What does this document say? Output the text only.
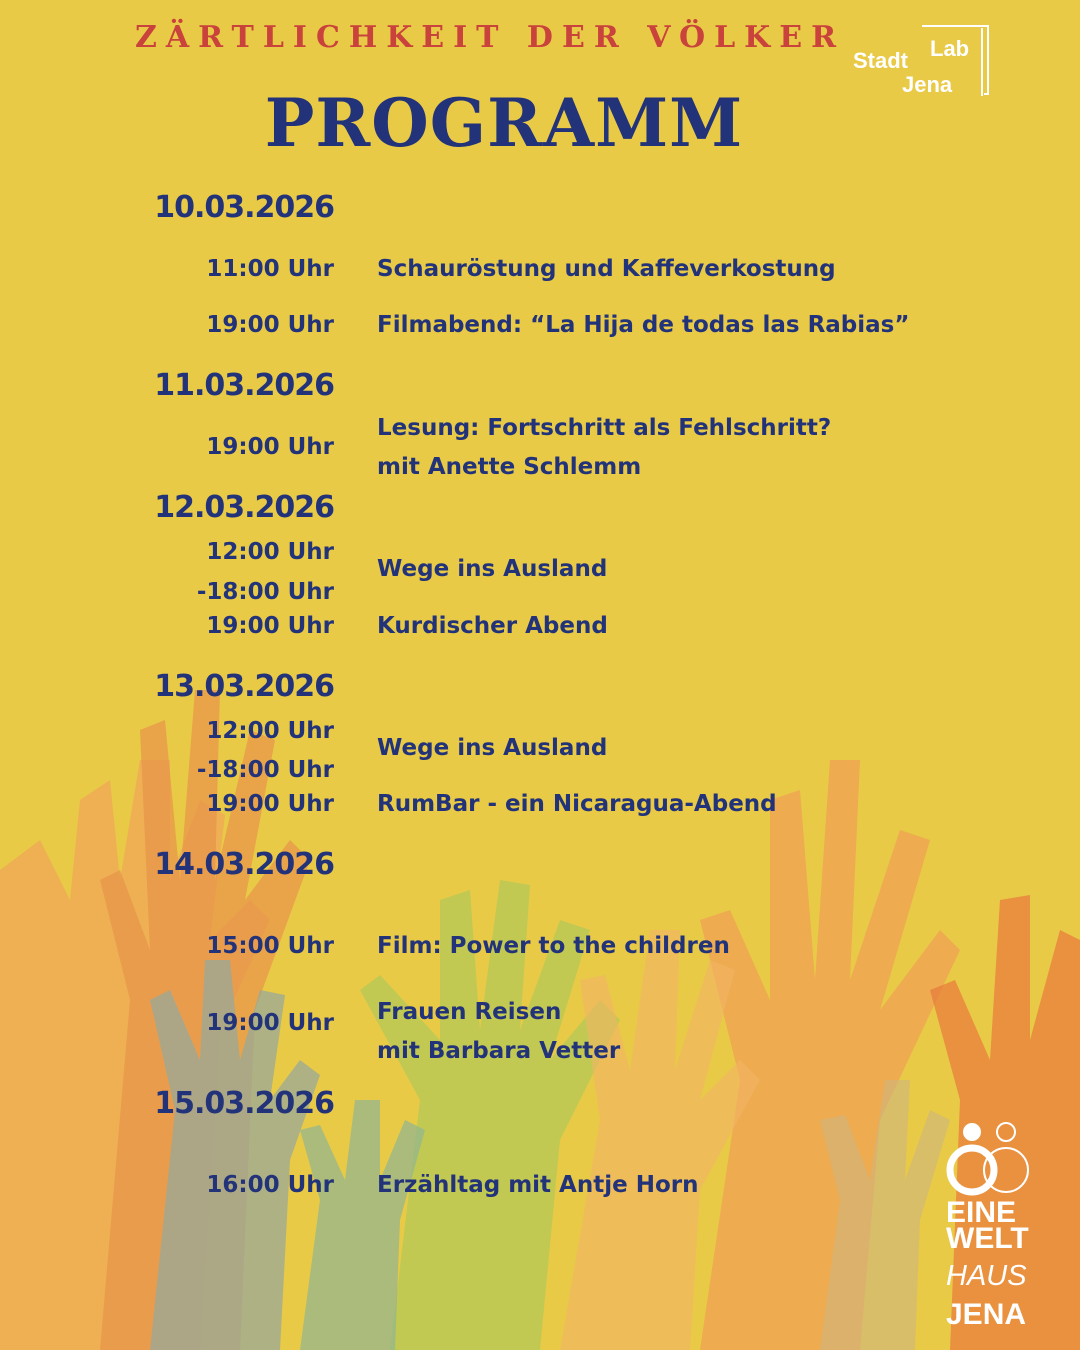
ZÄRTLICHKEIT DER VÖLKER
PROGRAMM
Stadt Lab
Jena
10.03.2026
11:00 Uhr Schauröstung und Kaffeverkostung
19:00 Uhr Filmabend: “La Hija de todas las Rabias”
11.03.2026
19:00 Uhr
Lesung: Fortschritt als Fehlschritt?
mit Anette Schlemm
12.03.2026
12:00 Uhr
-18:00 Uhr
Wege ins Ausland
19:00 Uhr Kurdischer Abend
13.03.2026
12:00 Uhr
-18:00 Uhr
Wege ins Ausland
19:00 Uhr RumBar - ein Nicaragua-Abend
14.03.2026
15:00 Uhr Film: Power to the children
19:00 Uhr Frauen Reisen
mit Barbara Vetter
15.03.2026
16:00 Uhr Erzähltag mit Antje Horn
EINE
WELT
HAUS
JENA
